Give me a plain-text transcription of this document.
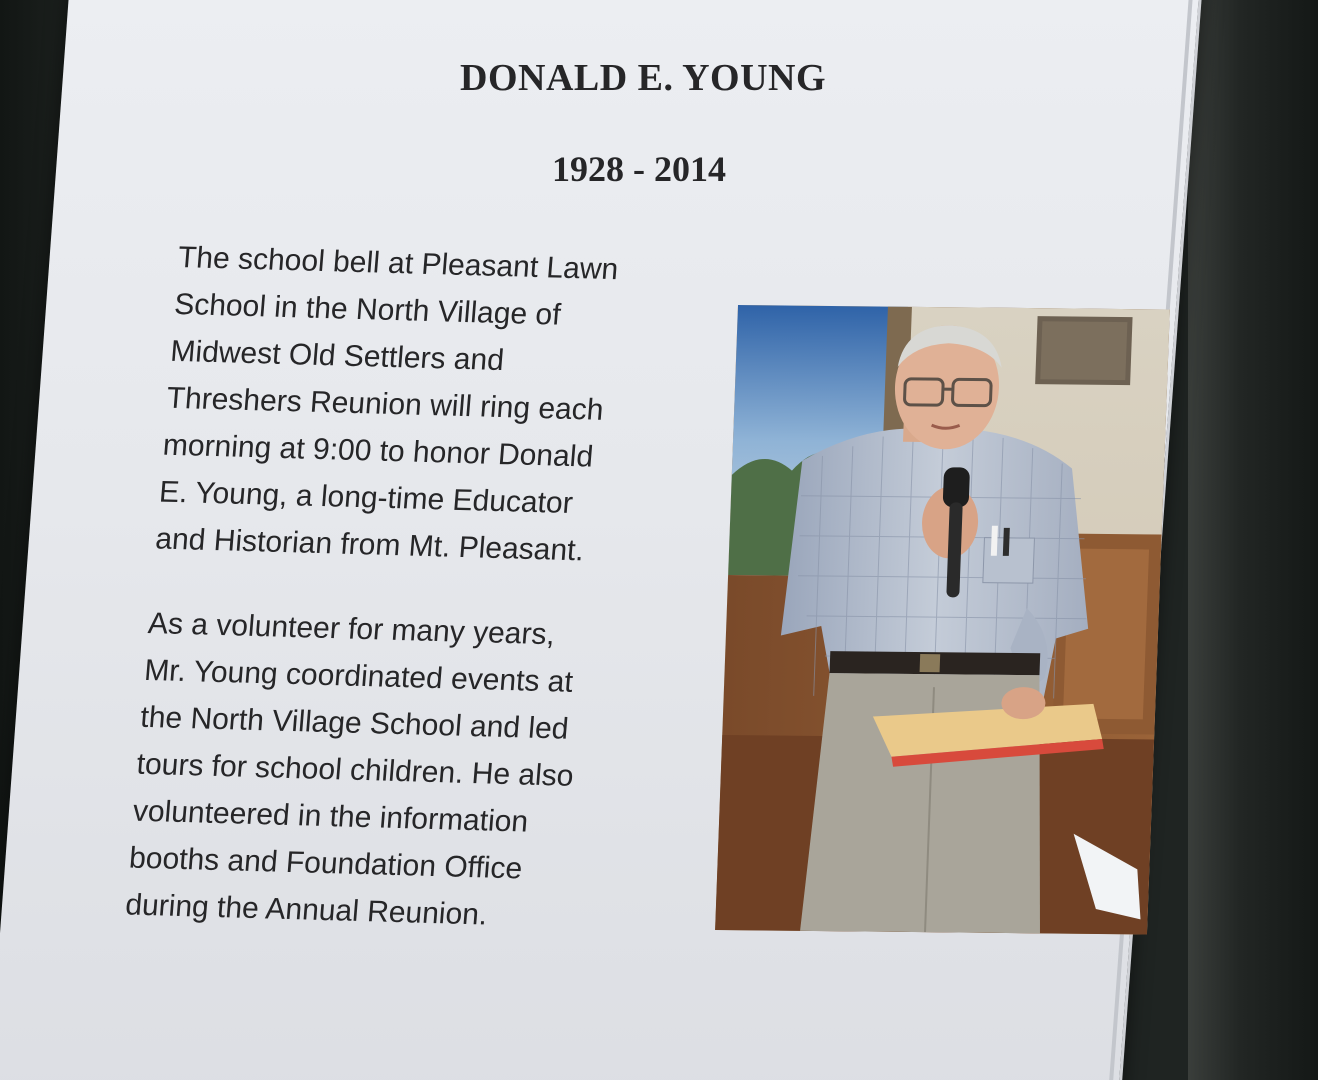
DONALD E. YOUNG
1928 - 2014

The school bell at Pleasant Lawn
School in the North Village of
Midwest Old Settlers and
Threshers Reunion will ring each
morning at 9:00 to honor Donald
E. Young, a long-time Educator
and Historian from Mt. Pleasant.

As a volunteer for many years,
Mr. Young coordinated events at
the North Village School and led
tours for school children. He also
volunteered in the information
booths and Foundation Office
during the Annual Reunion.
